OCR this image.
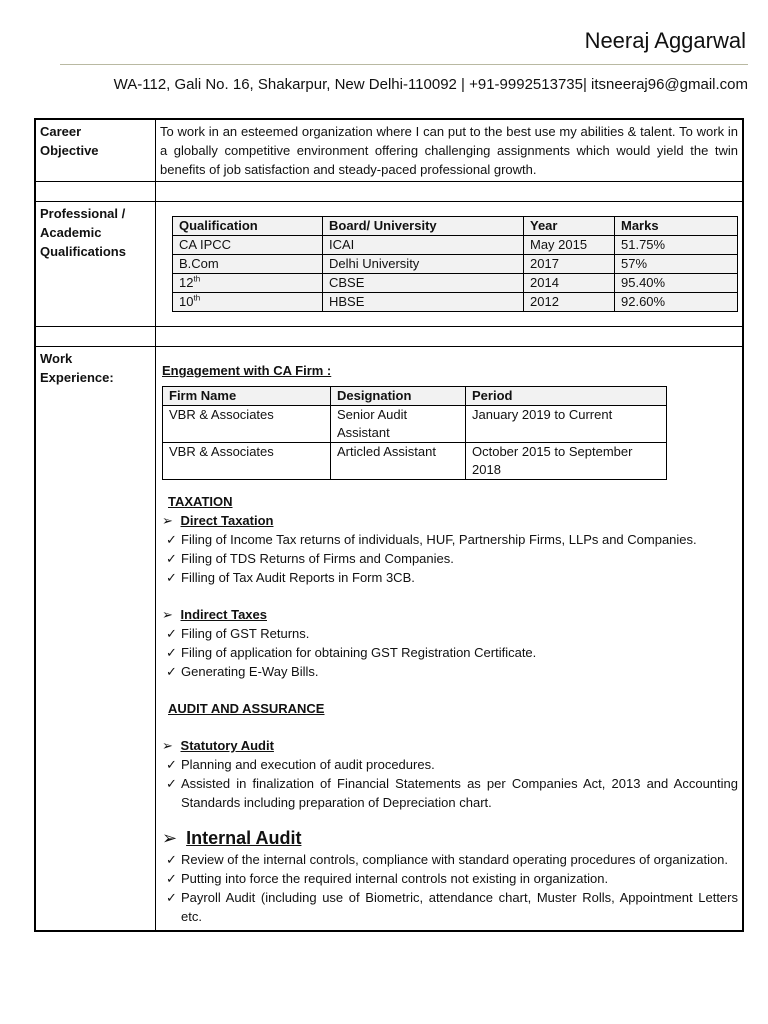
Neeraj Aggarwal
WA-112, Gali No. 16, Shakarpur, New Delhi-110092 | +91-9992513735| itsneeraj96@gmail.com
Career
Objective
	To work in an esteemed organization where I can put to the best use my abilities & talent. To work in a globally competitive environment offering challenging assignments which would yield the twin benefits of job satisfaction and steady-paced professional growth.

Professional /
Academic
Qualifications

Qualification	Board/ University	Year	Marks
CA IPCC	ICAI	May 2015	51.75%
B.Com	Delhi University	2017	57%
12th	CBSE	2014	95.40%
10th	HBSE	2012	92.60%

Work
Experience:	Engagement with CA Firm :
Firm Name	Designation	Period
VBR & Associates	Senior Audit Assistant	January 2019 to Current
VBR & Associates	Articled Assistant	October 2015 to September 2018
TAXATION
➢ Direct Taxation
✓ Filing of Income Tax returns of individuals, HUF, Partnership Firms, LLPs and Companies.
✓ Filing of TDS Returns of Firms and Companies.
✓ Filling of Tax Audit Reports in Form 3CB.
➢ Indirect Taxes
✓ Filing of GST Returns.
✓ Filing of application for obtaining GST Registration Certificate.
✓ Generating E-Way Bills.
AUDIT AND ASSURANCE
➢ Statutory Audit
✓ Planning and execution of audit procedures.
✓ Assisted in finalization of Financial Statements as per Companies Act, 2013 and Accounting Standards including preparation of Depreciation chart.
➢ Internal Audit
✓ Review of the internal controls, compliance with standard operating procedures of organization.
✓ Putting into force the required internal controls not existing in organization.
✓ Payroll Audit (including use of Biometric, attendance chart, Muster Rolls, Appointment Letters etc.
